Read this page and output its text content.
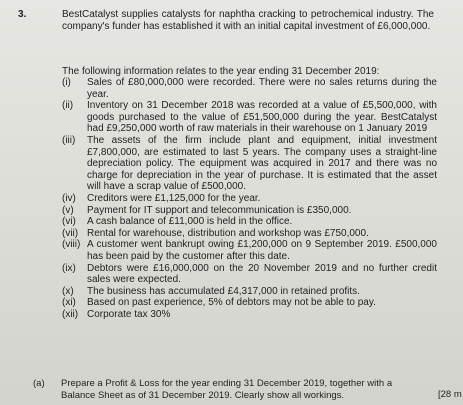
3.	BestCatalyst supplies catalysts for naphtha cracking to petrochemical industry. The company's funder has established it with an initial capital investment of £6,000,000.
The following information relates to the year ending 31 December 2019:
(i)	Sales of £80,000,000 were recorded. There were no sales returns during the year.
(ii)	Inventory on 31 December 2018 was recorded at a value of £5,500,000, with goods purchased to the value of £51,500,000 during the year. BestCatalyst had £9,250,000 worth of raw materials in their warehouse on 1 January 2019
(iii)	The assets of the firm include plant and equipment, initial investment £7,800,000, are estimated to last 5 years. The company uses a straight-line depreciation policy. The equipment was acquired in 2017 and there was no charge for depreciation in the year of purchase. It is estimated that the asset will have a scrap value of £500,000.
(iv)	Creditors were £1,125,000 for the year.
(v)	Payment for IT support and telecommunication is £350,000.
(vi)	A cash balance of £11,000 is held in the office.
(vii) Rental for warehouse, distribution and workshop was £750,000.
(viii) A customer went bankrupt owing £1,200,000 on 9 September 2019. £500,000 has been paid by the customer after this date.
(ix)	Debtors were £16,000,000 on the 20 November 2019 and no further credit sales were expected.
(x)	The business has accumulated £4,317,000 in retained profits.
(xi)	Based on past experience, 5% of debtors may not be able to pay.
(xii) Corporate tax 30%
(a)	Prepare a Profit & Loss for the year ending 31 December 2019, together with a Balance Sheet as of 31 December 2019. Clearly show all workings.	[28 m
